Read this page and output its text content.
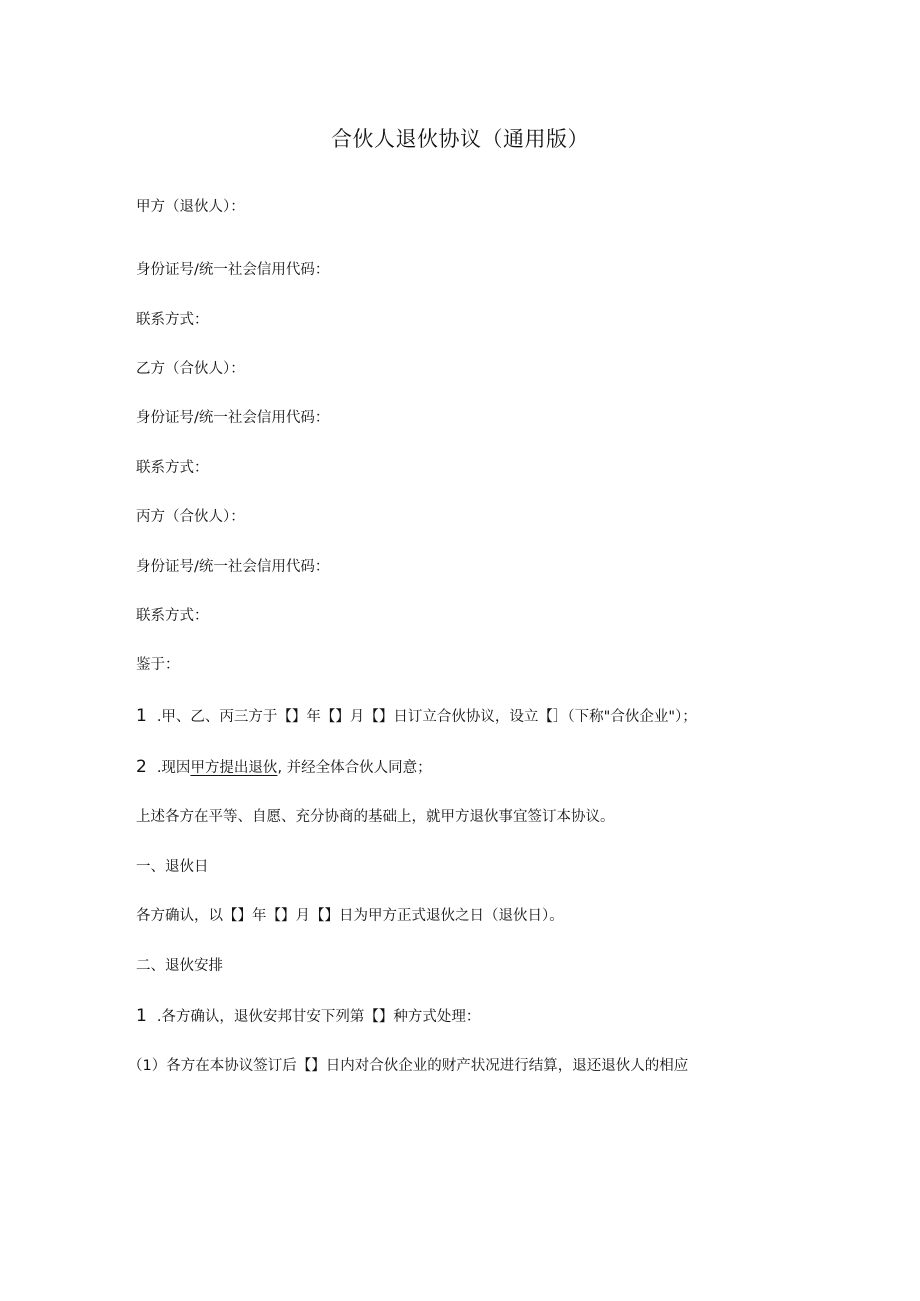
合伙人退伙协议（通用版）

甲方（退伙人）：

身份证号/统一社会信用代码：

联系方式：

乙方（合伙人）：

身份证号/统一社会信用代码：

联系方式：

丙方（合伙人）：

身份证号/统一社会信用代码：

联系方式：

鉴于：

1 .甲、乙、丙三方于【】年【】月【】日订立合伙协议，设立【］（下称"合伙企业"）；

2 .现因甲方提出退伙, 并经全体合伙人同意；

上述各方在平等、自愿、充分协商的基础上，就甲方退伙事宜签订本协议。

一、退伙日

各方确认，以【】年【】月【】日为甲方正式退伙之日（退伙日）。

二、退伙安排

1 .各方确认，退伙安邦甘安下列第【】种方式处理：

（1）各方在本协议签订后【】日内对合伙企业的财产状况进行结算，退还退伙人的相应
